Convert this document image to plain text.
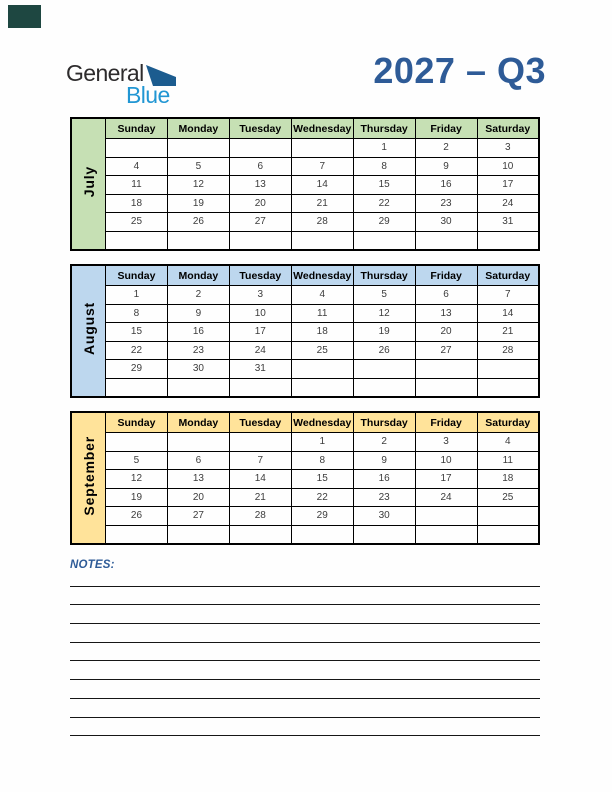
General
Blue
2027 – Q3
July	Sunday	Monday	Tuesday	Wednesday	Thursday	Friday	Saturday
					1	2	3
	4	5	6	7	8	9	10
	11	12	13	14	15	16	17
	18	19	20	21	22	23	24
	25	26	27	28	29	30	31

August	Sunday	Monday	Tuesday	Wednesday	Thursday	Friday	Saturday
	1	2	3	4	5	6	7
	8	9	10	11	12	13	14
	15	16	17	18	19	20	21
	22	23	24	25	26	27	28
	29	30	31				

September	Sunday	Monday	Tuesday	Wednesday	Thursday	Friday	Saturday
				1	2	3	4
	5	6	7	8	9	10	11
	12	13	14	15	16	17	18
	19	20	21	22	23	24	25
	26	27	28	29	30		

NOTES:
